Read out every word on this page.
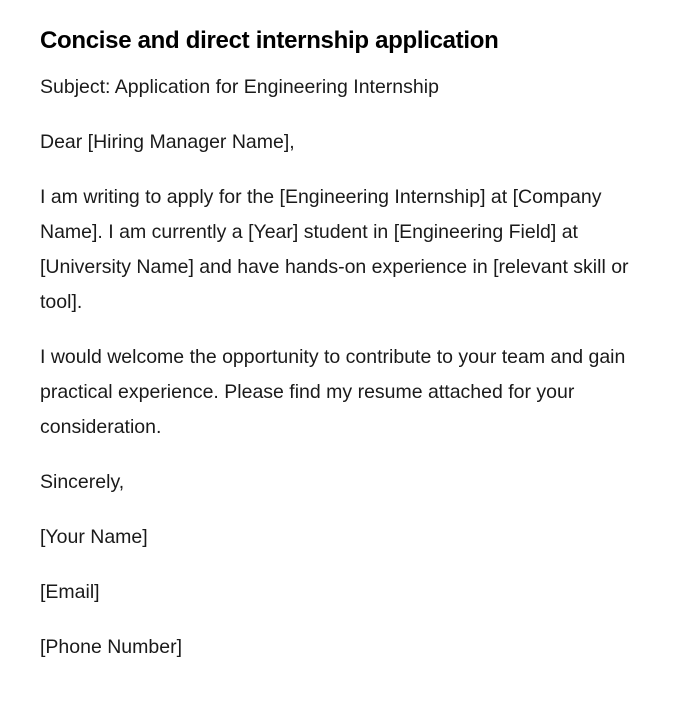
Concise and direct internship application

Subject: Application for Engineering Internship

Dear [Hiring Manager Name],

I am writing to apply for the [Engineering Internship] at [Company Name]. I am currently a [Year] student in [Engineering Field] at [University Name] and have hands-on experience in [relevant skill or tool].

I would welcome the opportunity to contribute to your team and gain practical experience. Please find my resume attached for your consideration.

Sincerely,

[Your Name]

[Email]

[Phone Number]
